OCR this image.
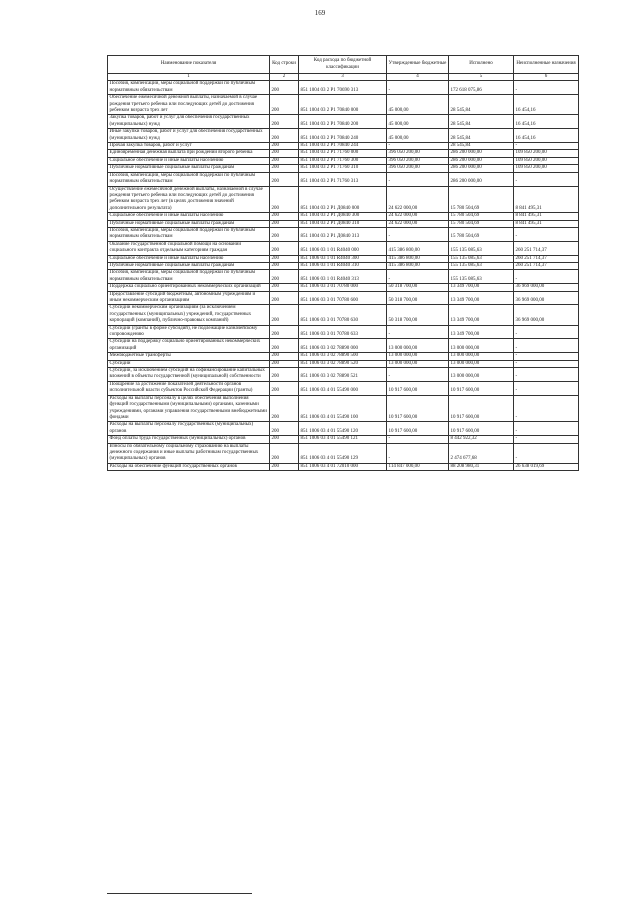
169
Наименование показателя	Код строки	Код расхода по бюджетной классификации	Утвержденные бюджетные	Исполнено	Неисполненные назначения
1	2	3	4	5	6
Пособия, компенсации, меры социальной поддержки по публичным нормативным обязательствам	200	851 1004 03 2 Р1 70690 313	-	172 618 075,86	-
Обеспечение ежемесячной денежной выплаты, назначаемой в случае рождения третьего ребенка или последующих детей до достижения ребенком возраста трех лет	200	851 1004 03 2 Р1 70840 000	45 000,00	28 545,84	16 454,16
Закупка товаров, работ и услуг для обеспечения государственных (муниципальных) нужд	200	851 1004 03 2 Р1 70840 200	45 000,00	28 545,84	16 454,16
Иные закупки товаров, работ и услуг для обеспечения государственных (муниципальных) нужд	200	851 1004 03 2 Р1 70840 240	45 000,00	28 545,84	16 454,16
Прочая закупка товаров, работ и услуг	200	851 1004 03 2 Р1 70840 244	-	28 545,84	-
Единовременная денежная выплата при рождении второго ребенка	200	851 1004 03 2 Р1 71760 000	396 050 200,00	286 200 000,00	109 850 200,00
Социальное обеспечение и иные выплаты населению	200	851 1004 03 2 Р1 71760 300	396 050 200,00	286 200 000,00	109 850 200,00
Публичные нормативные социальные выплаты гражданам	200	851 1004 03 2 Р1 71760 310	396 050 200,00	286 200 000,00	109 850 200,00
Пособия, компенсации, меры социальной поддержки по публичным нормативным обязательствам	200	851 1004 03 2 Р1 71760 313	-	286 200 000,00	-
Осуществление ежемесячной денежной выплаты, назначаемой в случае рождения третьего ребенка или последующих детей до достижения ребенком возраста трех лет (в целях достижения значений дополнительного результата)	200	851 1004 03 2 Р1 Д0840 000	24 622 000,00	15 780 504,69	8 841 495,31
Социальное обеспечение и иные выплаты населению	200	851 1004 03 2 Р1 Д0840 300	24 622 000,00	15 780 504,69	8 841 495,31
Публичные нормативные социальные выплаты гражданам	200	851 1004 03 2 Р1 Д0840 310	24 622 000,00	15 780 504,69	8 841 495,31
Пособия, компенсации, меры социальной поддержки по публичным нормативным обязательствам	200	851 1004 03 2 Р1 Д0840 313	-	15 780 504,69	-
Оказание государственной социальной помощи на основании социального контракта отдельным категориям граждан	200	851 1006 03 1 01 R4040 000	415 386 800,00	155 135 085,63	260 251 714,37
Социальное обеспечение и иные выплаты населению	200	851 1006 03 1 01 R4040 300	415 386 800,00	155 135 085,63	260 251 714,37
Публичные нормативные социальные выплаты гражданам	200	851 1006 03 1 01 R4040 310	415 386 800,00	155 135 085,63	260 251 714,37
Пособия, компенсации, меры социальной поддержки по публичным нормативным обязательствам	200	851 1006 03 1 01 R4040 313	-	155 135 085,63	-
Поддержка социально ориентированных некоммерческих организаций	200	851 1006 03 3 01 70780 000	50 318 700,00	13 349 700,00	36 969 000,00
Предоставление субсидий бюджетным, автономным учреждениям и иным некоммерческим организациям	200	851 1006 03 3 01 70780 600	50 318 700,00	13 349 700,00	36 969 000,00
Субсидии некоммерческим организациям (за исключением государственных (муниципальных) учреждений, государственных корпораций (компаний), публично-правовых компаний)	200	851 1006 03 3 01 70780 630	50 318 700,00	13 349 700,00	36 969 000,00
Субсидии (гранты в форме субсидий), не подлежащие казначейскому сопровождению	200	851 1006 03 3 01 70780 633	-	13 349 700,00	-
Субсидии на поддержку социально ориентированных некоммерческих организаций	200	851 1006 03 3 02 78890 000	13 000 000,00	13 000 000,00	-
Межбюджетные трансферты	200	851 1006 03 3 02 78890 500	13 000 000,00	13 000 000,00	-
Субсидии	200	851 1006 03 3 02 78890 520	13 000 000,00	13 000 000,00	-
Субсидии, за исключением субсидий на софинансирование капитальных вложений в объекты государственной (муниципальной) собственности	200	851 1006 03 3 02 78890 521	-	13 000 000,00	-
Поощрение за достижение показателей деятельности органов исполнительной власти субъектов Российской Федерации (гранты)	200	851 1006 03 4 01 55490 000	10 917 600,00	10 917 600,00	-
Расходы на выплаты персоналу в целях обеспечения выполнения функций государственными (муниципальными) органами, казенными учреждениями, органами управления государственными внебюджетными фондами	200	851 1006 03 4 01 55490 100	10 917 600,00	10 917 600,00	-
Расходы на выплаты персоналу государственных (муниципальных) органов	200	851 1006 03 4 01 55490 120	10 917 600,00	10 917 600,00	-
Фонд оплаты труда государственных (муниципальных) органов	200	851 1006 03 4 01 55490 121	-	8 442 922,32	-
Взносы по обязательному социальному страхованию на выплаты денежного содержания и иные выплаты работникам государственных (муниципальных) органов	200	851 1006 03 4 01 55490 129	-	2 474 677,68	-
Расходы на обеспечение функций государственных органов	200	851 1006 03 4 01 72010 000	114 847 000,00	88 208 980,31	26 638 019,69
